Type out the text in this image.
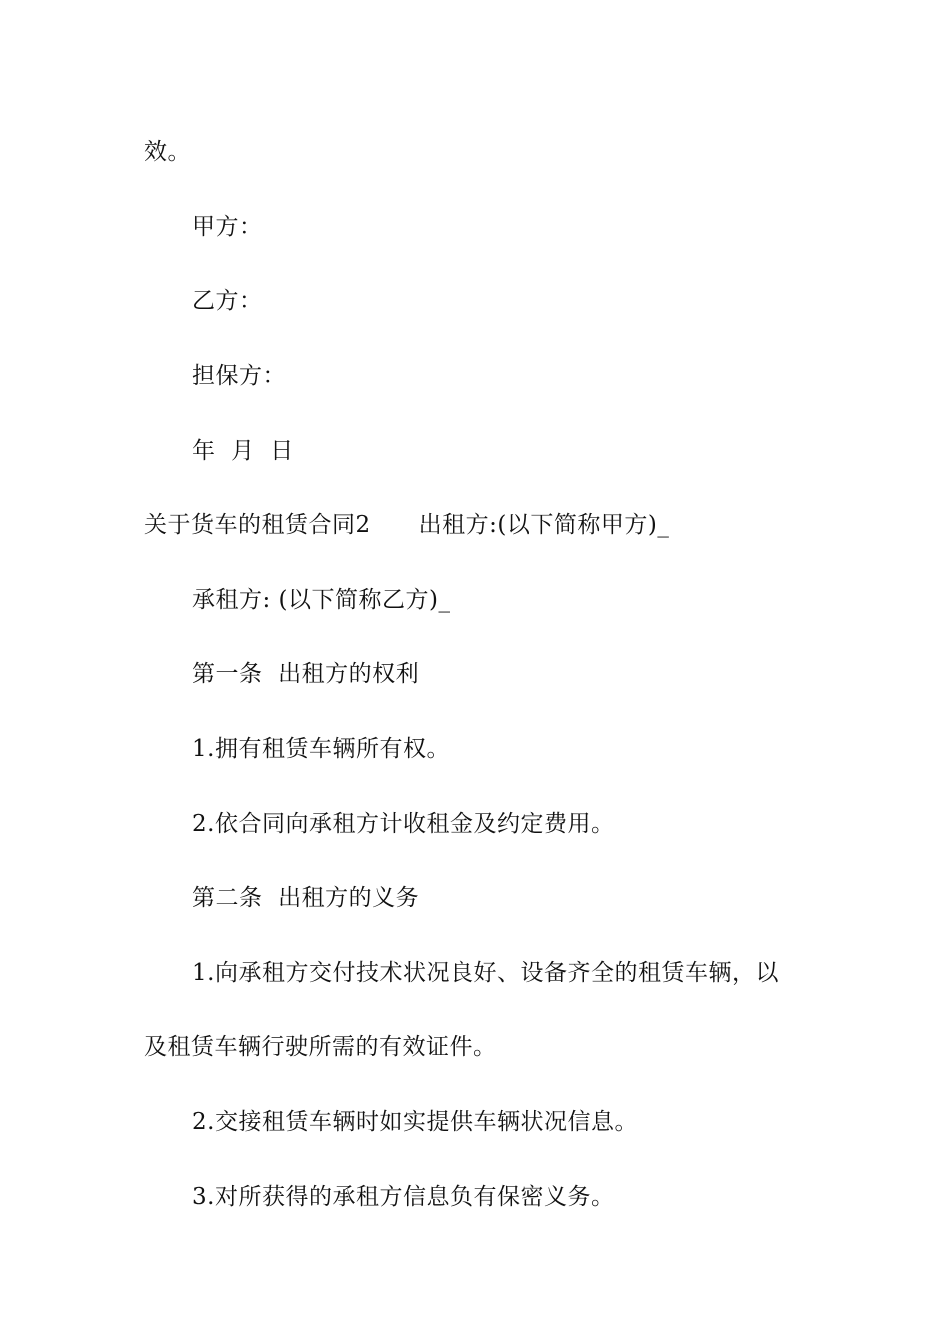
效。
甲方：
乙方：
担保方：
年  月  日
关于货车的租赁合同2 出租方:(以下简称甲方)_
承租方: (以下简称乙方)_
第一条  出租方的权利
1.拥有租赁车辆所有权。
2.依合同向承租方计收租金及约定费用。
第二条  出租方的义务
1.向承租方交付技术状况良好、设备齐全的租赁车辆，以
及租赁车辆行驶所需的有效证件。
2.交接租赁车辆时如实提供车辆状况信息。
3.对所获得的承租方信息负有保密义务。
